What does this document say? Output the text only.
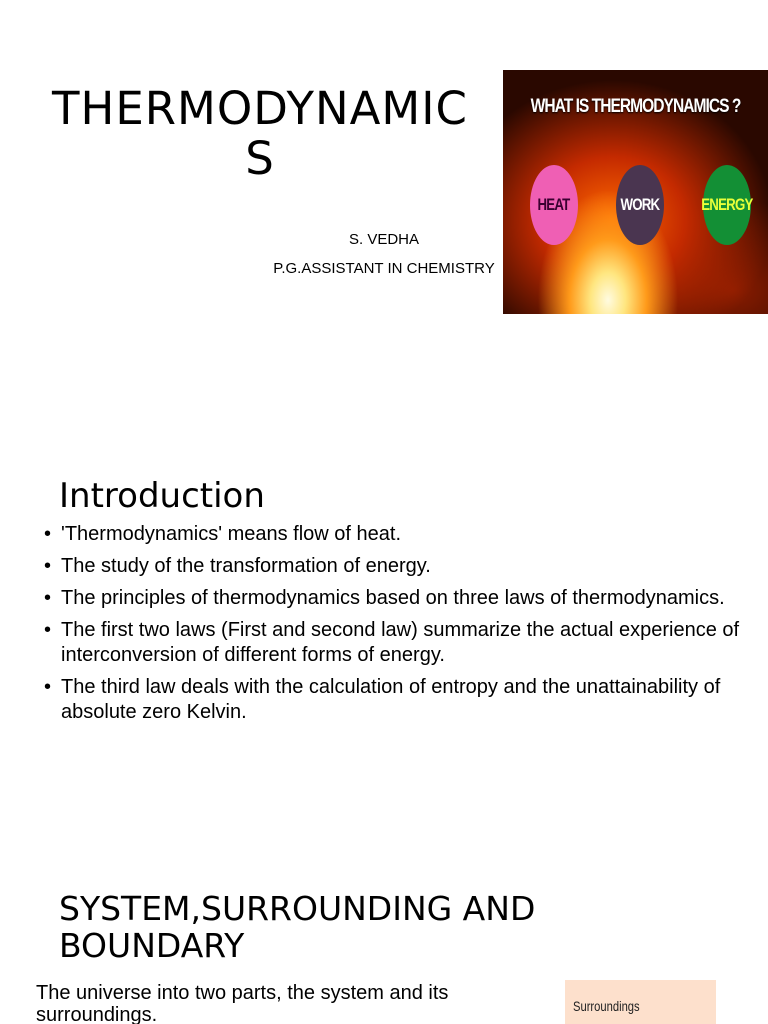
THERMODYNAMICS
S. VEDHA
P.G.ASSISTANT IN CHEMISTRY
WHAT IS THERMODYNAMICS ?
HEAT	WORK ENERGY
Introduction
• 'Thermodynamics' means flow of heat.
• The study of the transformation of energy.
• The principles of thermodynamics based on three laws of thermodynamics.
• The first two laws (First and second law) summarize the actual experience of interconversion of different forms of energy.
• The third law deals with the calculation of entropy and the unattainability of absolute zero Kelvin.
SYSTEM,SURROUNDING AND BOUNDARY
The universe into two parts, the system and its surroundings.	Surroundings
